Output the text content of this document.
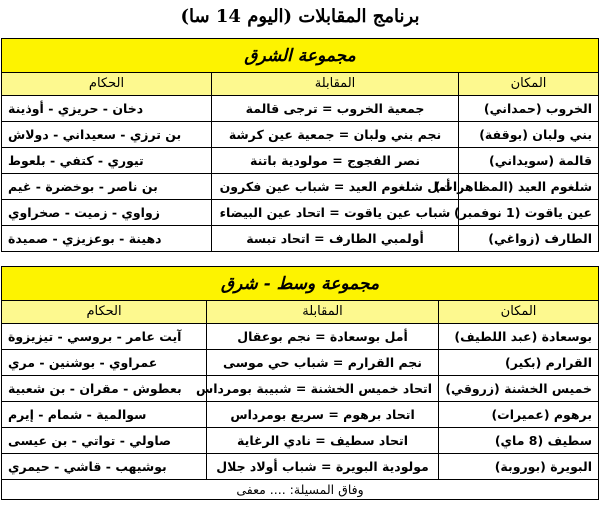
برنامج المقابلات (اليوم 14 سا)
مجموعة الشرق		
المكان	المقابلة	الحكام
الخروب (حمداني)	جمعية الخروب = ترجى قالمة	دخان - حريزي - أوذينة
بني ولبان (بوقفة)	نجم بني ولبان = جمعية عين كرشة	بن ترزي - سعيداني - دولاش
قالمة (سويداني)	نصر الفجوج = مولودية باتنة	تيوري - كتفي - بلعوط
شلغوم العيد (المظاهرات)	أمل شلغوم العيد = شباب عين فكرون	بن ناصر - بوخضرة - غيم
عين ياقوت (1 نوفمبر)	شباب عين ياقوت = اتحاد عين البيضاء	زواوي - زميت - صخراوي
الطارف (زواغي)	أولمبي الطارف = اتحاد تبسة	دهينة - بوعزيزي - صميدة
مجموعة وسط - شرق		
المكان	المقابلة	الحكام
بوسعادة (عبد اللطيف)	أمل بوسعادة = نجم بوعقال	آيت عامر - بروسي - تيزيزوة
القرارم (بكير)	نجم القرارم = شباب حي موسى	عمراوي - بوشنين - مري
خميس الخشنة (زروقي)	اتحاد خميس الخشنة = شبيبة بومرداس	بعطوش - مقران - بن شعبية
برهوم (عميرات)	اتحاد برهوم = سريع بومرداس	سوالمية - شمام - إيرم
سطيف (8 ماي)	اتحاد سطيف = نادي الرغاية	صاولي - تواتي - بن عيسى
البويرة (بوروبة)	مولودية البويرة = شباب أولاد جلال	بوشيهب - قاشي - حيمري
وفاق المسيلة: .... معفى		
